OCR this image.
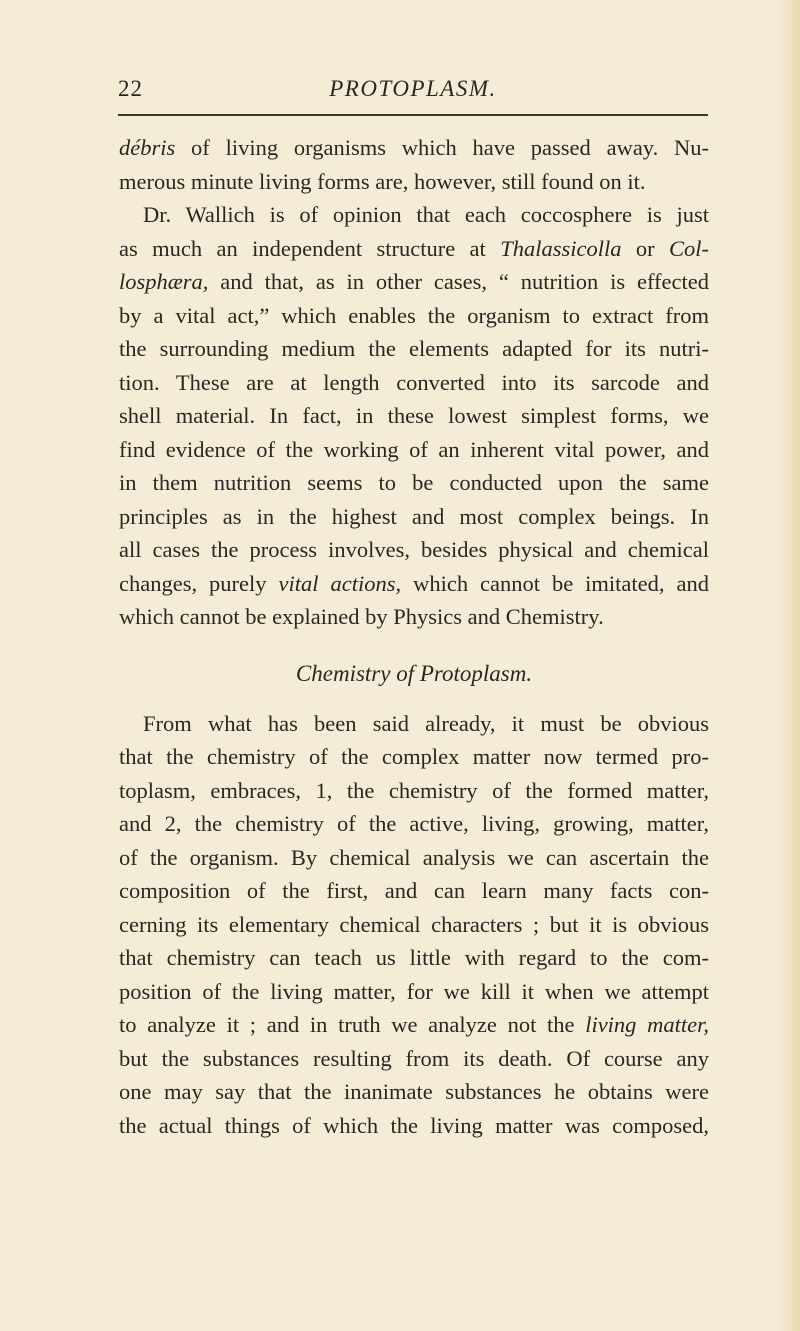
22	PROTOPLASM.
débris of living organisms which have passed away. Nu-
merous minute living forms are, however, still found on it.
Dr. Wallich is of opinion that each coccosphere is just
as much an independent structure at Thalassicolla or Col-
losphæra, and that, as in other cases, “ nutrition is effected
by a vital act,” which enables the organism to extract from
the surrounding medium the elements adapted for its nutri-
tion. These are at length converted into its sarcode and
shell material. In fact, in these lowest simplest forms, we
find evidence of the working of an inherent vital power, and
in them nutrition seems to be conducted upon the same
principles as in the highest and most complex beings. In
all cases the process involves, besides physical and chemical
changes, purely vital actions, which cannot be imitated, and
which cannot be explained by Physics and Chemistry.
Chemistry of Protoplasm.
From what has been said already, it must be obvious
that the chemistry of the complex matter now termed pro-
toplasm, embraces, 1, the chemistry of the formed matter,
and 2, the chemistry of the active, living, growing, matter,
of the organism. By chemical analysis we can ascertain the
composition of the first, and can learn many facts con-
cerning its elementary chemical characters ; but it is obvious
that chemistry can teach us little with regard to the com-
position of the living matter, for we kill it when we attempt
to analyze it ; and in truth we analyze not the living matter,
but the substances resulting from its death. Of course any
one may say that the inanimate substances he obtains were
the actual things of which the living matter was composed,
